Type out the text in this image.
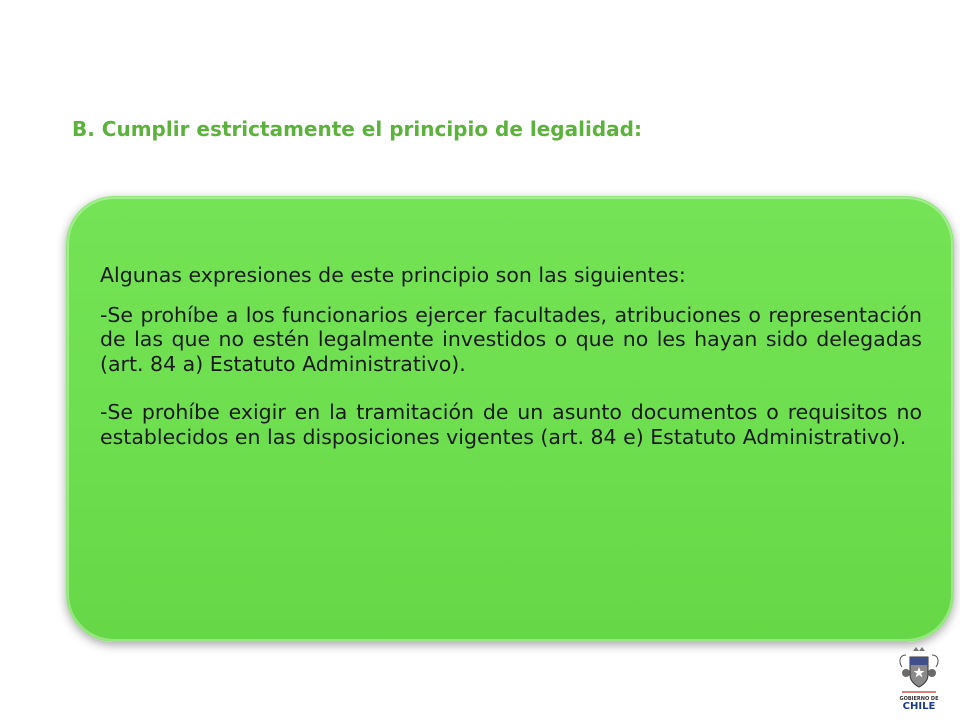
B. Cumplir estrictamente el principio de legalidad:

Algunas expresiones de este principio son las siguientes:

-Se prohíbe a los funcionarios ejercer facultades, atribuciones o representación de las que no estén legalmente investidos o que no les hayan sido delegadas (art. 84 a) Estatuto Administrativo).

-Se prohíbe exigir en la tramitación de un asunto documentos o requisitos no establecidos en las disposiciones vigentes (art. 84 e) Estatuto Administrativo).

GOBIERNO DE
CHILE
